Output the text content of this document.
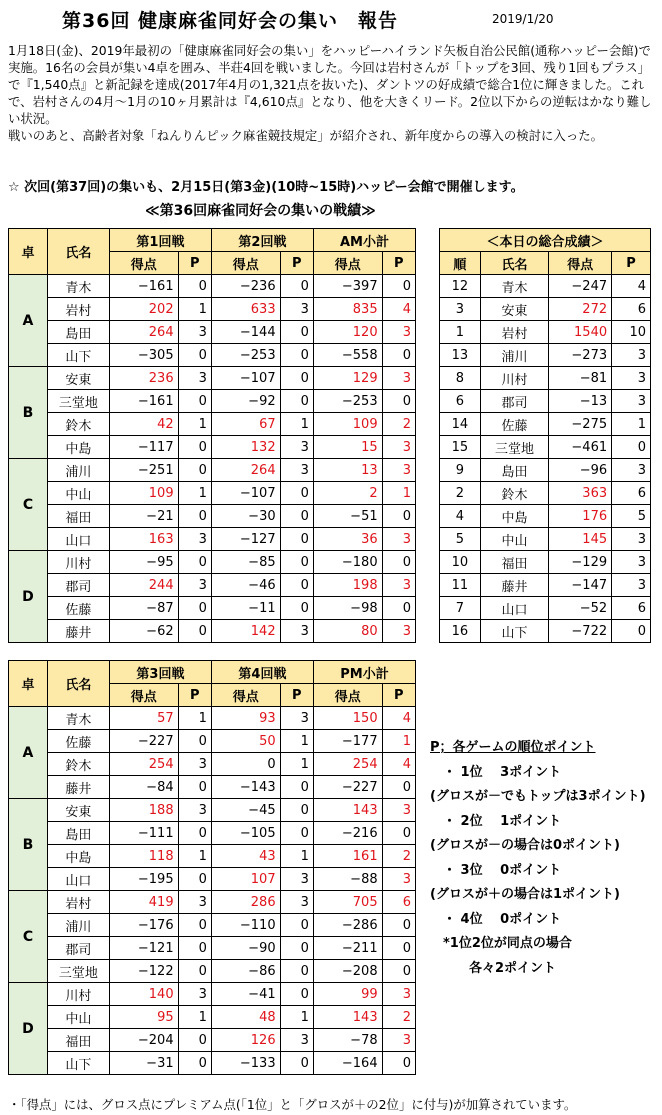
第36回 健康麻雀同好会の集い　報告	2019/1/20

1月18日(金)、2019年最初の「健康麻雀同好会の集い」をハッピーハイランド矢板自治公民館(通称ハッピー会館)で実施。16名の会員が集い4卓を囲み、半荘4回を戦いました。今回は岩村さんが「トップを3回、残り1回もプラス」で『1,540点』と新記録を達成(2017年4月の1,321点を抜いた)、ダントツの好成績で総合1位に輝きました。これで、岩村さんの4月～1月の10ヶ月累計は『4,610点』となり、他を大きくリード。2位以下からの逆転はかなり難しい状況。

戦いのあと、高齢者対象「ねんりんピック麻雀競技規定」が紹介され、新年度からの導入の検討に入った。

☆ 次回(第37回)の集いも、2月15日(第3金)(10時~15時)ハッピー会館で開催します。
≪第36回麻雀同好会の集いの戦績≫
卓	氏名	第1回戦		第2回戦		AM小計	
		得点	P	得点	P	得点	P
A	青木	−161	0	−236	0	−397	0
	岩村	202	1	633	3	835	4
	島田	264	3	−144	0	120	3
	山下	−305	0	−253	0	−558	0
B	安東	236	3	−107	0	129	3
	三堂地	−161	0	−92	0	−253	0
	鈴木	42	1	67	1	109	2
	中島	−117	0	132	3	15	3
C	浦川	−251	0	264	3	13	3
	中山	109	1	−107	0	2	1
	福田	−21	0	−30	0	−51	0
	山口	163	3	−127	0	36	3
D	川村	−95	0	−85	0	−180	0
	郡司	244	3	−46	0	198	3
	佐藤	−87	0	−11	0	−98	0
	藤井	−62	0	142	3	80	3
卓	氏名	第3回戦		第4回戦		PM小計	
		得点	P	得点	P	得点	P
A	青木	57	1	93	3	150	4
	佐藤	−227	0	50	1	−177	1
	鈴木	254	3	0	1	254	4
	藤井	−84	0	−143	0	−227	0
B	安東	188	3	−45	0	143	3
	島田	−111	0	−105	0	−216	0
	中島	118	1	43	1	161	2
	山口	−195	0	107	3	−88	3
C	岩村	419	3	286	3	705	6
	浦川	−176	0	−110	0	−286	0
	郡司	−121	0	−90	0	−211	0
	三堂地	−122	0	−86	0	−208	0
D	川村	140	3	−41	0	99	3
	中山	95	1	48	1	143	2
	福田	−204	0	126	3	−78	3
	山下	−31	0	−133	0	−164	0
＜本日の総合成績＞			
順	氏名	得点	P
12	青木	−247	4
3	安東	272	6
1	岩村	1540	10
13	浦川	−273	3
8	川村	−81	3
6	郡司	−13	3
14	佐藤	−275	1
15	三堂地	−461	0
9	島田	−96	3
2	鈴木	363	6
4	中島	176	5
5	中山	145	3
10	福田	−129	3
11	藤井	−147	3
7	山口	−52	6
16	山下	−722	0
P；各ゲームの順位ポイント
　・ 1位　 3ポイント
(グロスが－でもトップは3ポイント)
　・ 2位　 1ポイント
(グロスが－の場合は0ポイント)
　・ 3位　 0ポイント
(グロスが＋の場合は1ポイント)
　・ 4位　 0ポイント
　*1位2位が同点の場合
　　　各々2ポイント
・「得点」には、グロス点にプレミアム点(「1位」と「グロスが＋の2位」に付与)が加算されています。
